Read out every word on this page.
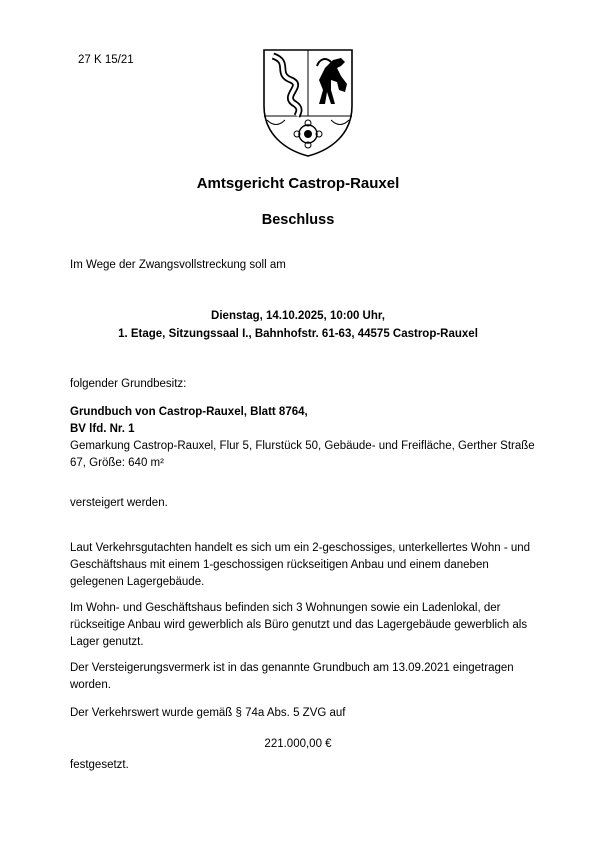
27 K 15/21
Amtsgericht Castrop-Rauxel
Beschluss
Im Wege der Zwangsvollstreckung soll am
Dienstag, 14.10.2025, 10:00 Uhr,
1. Etage, Sitzungssaal I., Bahnhofstr. 61-63, 44575 Castrop-Rauxel
folgender Grundbesitz:
Grundbuch von Castrop-Rauxel, Blatt 8764,
BV lfd. Nr. 1
Gemarkung Castrop-Rauxel, Flur 5, Flurstück 50, Gebäude- und Freifläche, Gerther Straße 67, Größe: 640 m²
versteigert werden.
Laut Verkehrsgutachten handelt es sich um ein 2-geschossiges, unterkellertes Wohn - und Geschäftshaus mit einem 1-geschossigen rückseitigen Anbau und einem daneben gelegenen Lagergebäude.
Im Wohn- und Geschäftshaus befinden sich 3 Wohnungen sowie ein Ladenlokal, der rückseitige Anbau wird gewerblich als Büro genutzt und das Lagergebäude gewerblich als Lager genutzt.
Der Versteigerungsvermerk ist in das genannte Grundbuch am 13.09.2021 eingetragen worden.
Der Verkehrswert wurde gemäß § 74a Abs. 5 ZVG auf
221.000,00 €
festgesetzt.
